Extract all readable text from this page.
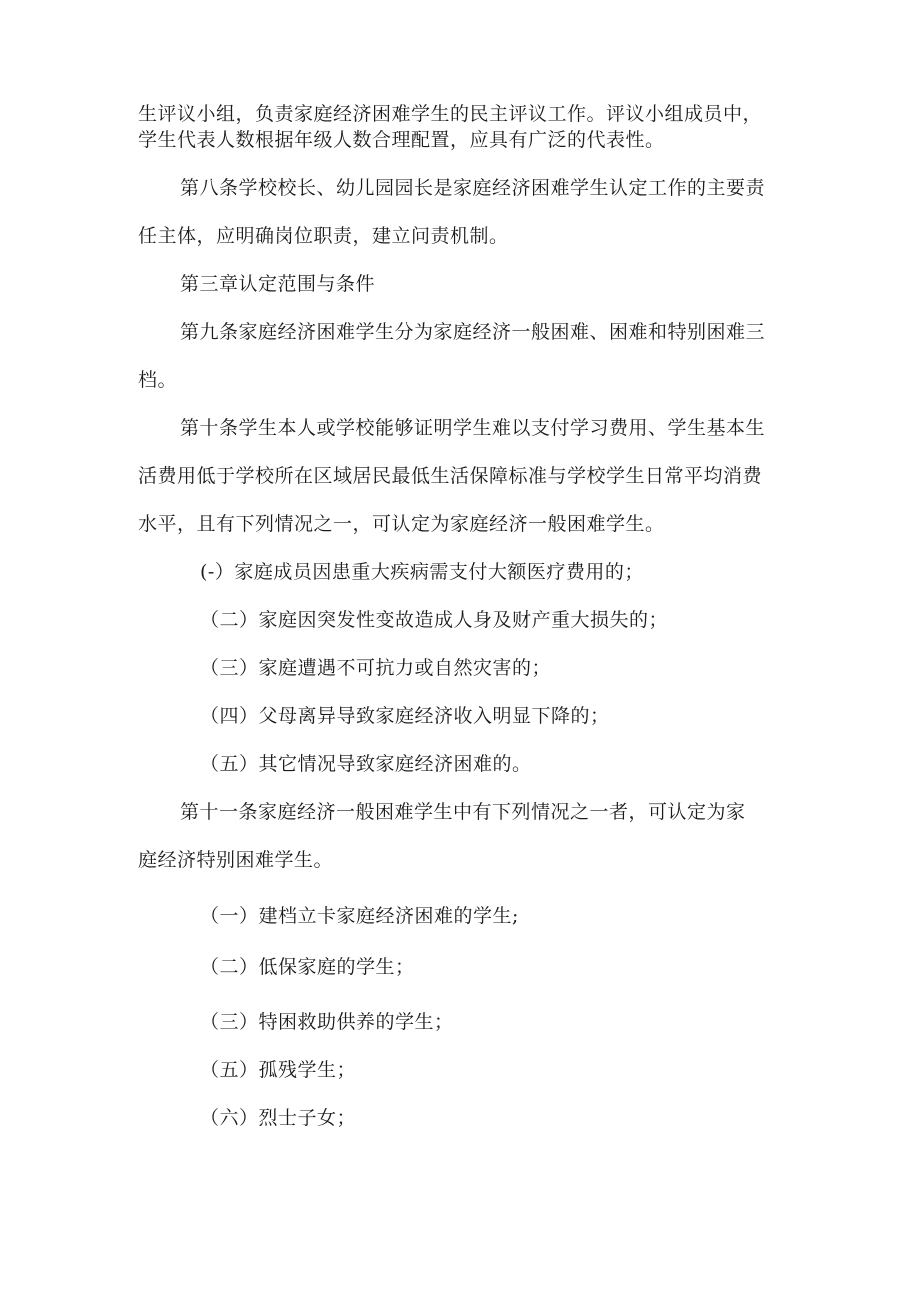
生评议小组，负责家庭经济困难学生的民主评议工作。评议小组成员中，
学生代表人数根据年级人数合理配置，应具有广泛的代表性。
第八条学校校长、幼儿园园长是家庭经济困难学生认定工作的主要责
任主体，应明确岗位职责，建立问责机制。
第三章认定范围与条件
第九条家庭经济困难学生分为家庭经济一般困难、困难和特别困难三
档。
第十条学生本人或学校能够证明学生难以支付学习费用、学生基本生
活费用低于学校所在区域居民最低生活保障标准与学校学生日常平均消费
水平，且有下列情况之一，可认定为家庭经济一般困难学生。
(-）家庭成员因患重大疾病需支付大额医疗费用的；
（二）家庭因突发性变故造成人身及财产重大损失的；
（三）家庭遭遇不可抗力或自然灾害的；
（四）父母离异导致家庭经济收入明显下降的；
（五）其它情况导致家庭经济困难的。
第十一条家庭经济一般困难学生中有下列情况之一者，可认定为家
庭经济特别困难学生。
（一）建档立卡家庭经济困难的学生;
（二）低保家庭的学生；
（三）特困救助供养的学生；
（五）孤残学生；
（六）烈士子女；
